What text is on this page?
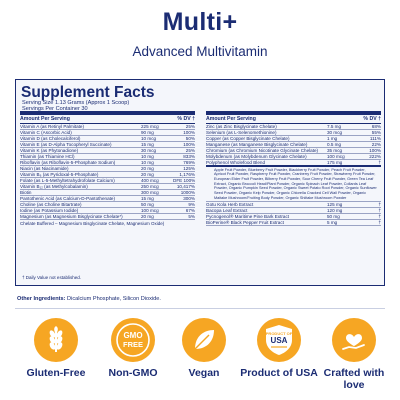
Multi+
Advanced Multivitamin
Supplement Facts
Serving Size 1.13 Grams (Approx 1 Scoop)
Servings Per Container 30
Amount Per Serving	% DV †
Vitamin A (as Retinyl Palmitate)	225 mcg	25%
Vitamin C (Ascorbic Acid)	90 mg	100%
Vitamin D (as Cholecalciferol)	10 mcg	50%
Vitamin E (as D-Alpha Tocopheryl Succinate)	15 mg	100%
Vitamin K (as Phytonadione)	30 mcg	25%
Thiamin (as Thiamine HCl)	10 mg	833%
Riboflavin (as Riboflavin-5-Phosphate Sodium)	10 mg	769%
Niacin (as Niacinamide)	20 mg	125%
Vitamin B₆ (as Pyridoxal-5-Phosphate)	20 mg	1,176%
Folate (as L-5-Methyltetrahydrofolate Calcium)	400 mcg	DFE 100%
Vitamin B₁₂ (as Methylcobalamin)	250 mcg	10,417%
Biotin	300 mcg	1000%
Pantothenic Acid (as Calcium-D-Pantothenate)	15 mg	300%
Choline (as Choline Bitartrate)	50 mg	9%
Iodine (as Potassium Iodide)	100 mcg	67%
Magnesium (as Magnesium Bisglycinate Chelate*)	20 mg	5%
Chelate Buffered – Magnesium Bisglycinate Chelate, Magnesium Oxide)
Amount Per Serving	% DV †
Zinc (as Zinc Bisglycinate Chelate)	7.5 mg	68%
Selenium (as L-Selenomethionine)	30 mcg	55%
Copper (as Copper Bisglycinate Chelate)	1 mg	111%
Manganese (as Manganese Bisglycinate Chelate)	0.5 mg	22%
Chromium (as Chromium Nicotinate Glycinate Chelate)	35 mcg	100%
Molybdenum (as Molybdenum Glycinate Chelate)	100 mcg	222%
Polyphenol Wholefood Blend	175 mg	†
Apple Fruit Powder, Blueberry Fruit Powder, Blackberry Fruit Powder, Peach Fruit Powder, Apricot Fruit Powder, Raspberry Fruit Powder, Cranberry Fruit Powder, Strawberry Fruit Powder, European Elder Fruit Powder, Bilberry Fruit Powder, Sour Cherry Fruit Powder, Green Tea Leaf Extract, Organic Broccoli Head/Plant Powder, Organic Spinach Leaf Powder, Collards Leaf Powder, Organic Pumpkin Seed Powder, Organic Sweet Potato Root Powder, Organic Sunflower Seed Powder, Organic Kelp Powder, Organic Chlorella Cracked Cell Wall Powder, Organic Maitake Mushroom/Fruiting Body Powder, Organic Shiitake Mushroom Powder
Gotu Kola Herb Extract	125 mg	†
Bacopa Leaf Extract	120 mg	†
Pycnogenol® Maritime Pine Bark Extract	50 mg	†
BioPerine® Black Pepper Fruit Extract	5 mg	†
† Daily Value not established.
Other Ingredients: Dicalcium Phosphate, Silicon Dioxide.
Gluten-Free
GMO
FREE
Non-GMO	Vegan
PRODUCT OF
USA
Product of USA Crafted with love
